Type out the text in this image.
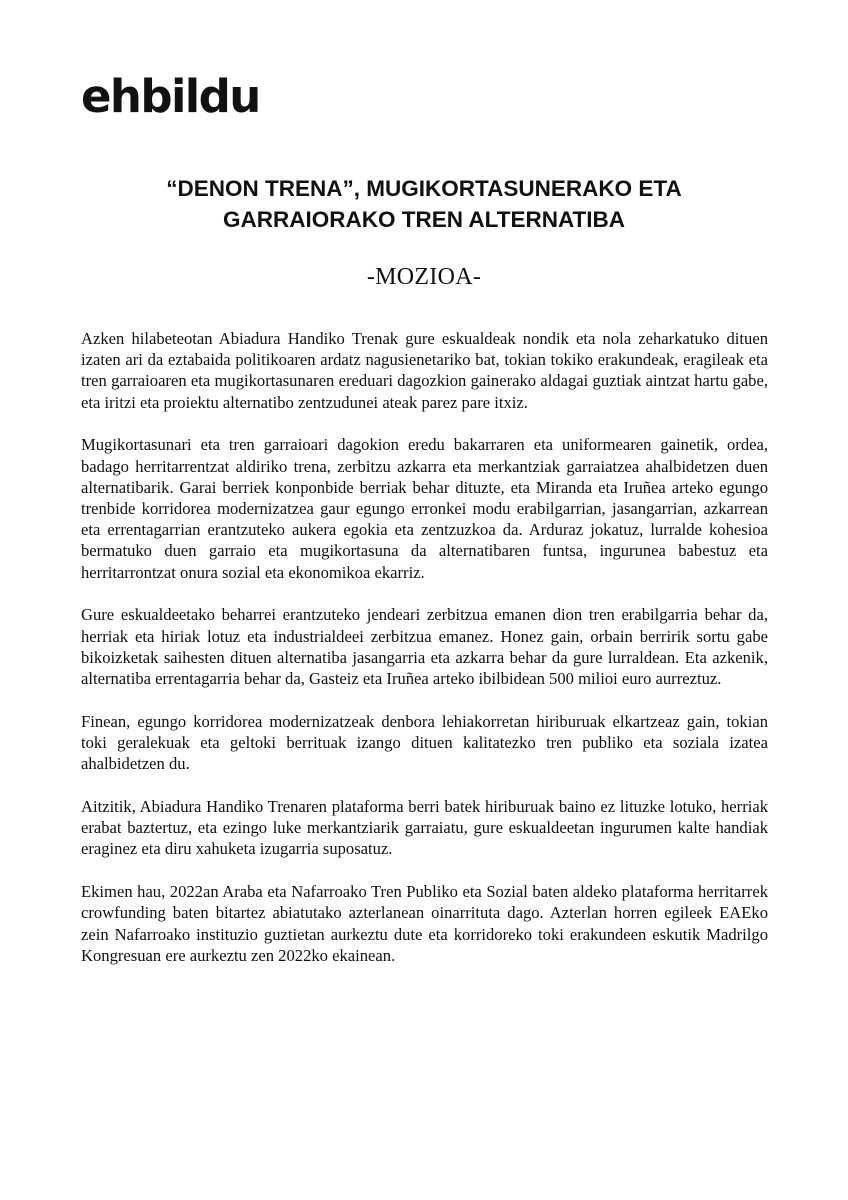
ehbildu
“DENON TRENA”, MUGIKORTASUNERAKO ETA
GARRAIORAKO TREN ALTERNATIBA
-MOZIOA-

Azken hilabeteotan Abiadura Handiko Trenak gure eskualdeak nondik eta nola zeharkatuko dituen izaten ari da eztabaida politikoaren ardatz nagusienetariko bat, tokian tokiko erakundeak, eragileak eta tren garraioaren eta mugikortasunaren ereduari dagozkion gainerako aldagai guztiak aintzat hartu gabe, eta iritzi eta proiektu alternatibo zentzudunei ateak parez pare itxiz.

Mugikortasunari eta tren garraioari dagokion eredu bakarraren eta uniformearen gainetik, ordea, badago herritarrentzat aldiriko trena, zerbitzu azkarra eta merkantziak garraiatzea ahalbidetzen duen alternatibarik. Garai berriek konponbide berriak behar dituzte, eta Miranda eta Iruñea arteko egungo trenbide korridorea modernizatzea gaur egungo erronkei modu erabilgarrian, jasangarrian, azkarrean eta errentagarrian erantzuteko aukera egokia eta zentzuzkoa da. Arduraz jokatuz, lurralde kohesioa bermatuko duen garraio eta mugikortasuna da alternatibaren funtsa, ingurunea babestuz eta herritarrontzat onura sozial eta ekonomikoa ekarriz.

Gure eskualdeetako beharrei erantzuteko jendeari zerbitzua emanen dion tren erabilgarria behar da, herriak eta hiriak lotuz eta industrialdeei zerbitzua emanez. Honez gain, orbain berririk sortu gabe bikoizketak saihesten dituen alternatiba jasangarria eta azkarra behar da gure lurraldean. Eta azkenik, alternatiba errentagarria behar da, Gasteiz eta Iruñea arteko ibilbidean 500 milioi euro aurreztuz.

Finean, egungo korridorea modernizatzeak denbora lehiakorretan hiriburuak elkartzeaz gain, tokian toki geralekuak eta geltoki berrituak izango dituen kalitatezko tren publiko eta soziala izatea ahalbidetzen du.

Aitzitik, Abiadura Handiko Trenaren plataforma berri batek hiriburuak baino ez lituzke lotuko, herriak erabat baztertuz, eta ezingo luke merkantziarik garraiatu, gure eskualdeetan ingurumen kalte handiak eraginez eta diru xahuketa izugarria suposatuz.

Ekimen hau, 2022an Araba eta Nafarroako Tren Publiko eta Sozial baten aldeko plataforma herritarrek crowfunding baten bitartez abiatutako azterlanean oinarrituta dago. Azterlan horren egileek EAEko zein Nafarroako instituzio guztietan aurkeztu dute eta korridoreko toki erakundeen eskutik Madrilgo Kongresuan ere aurkeztu zen 2022ko ekainean.
